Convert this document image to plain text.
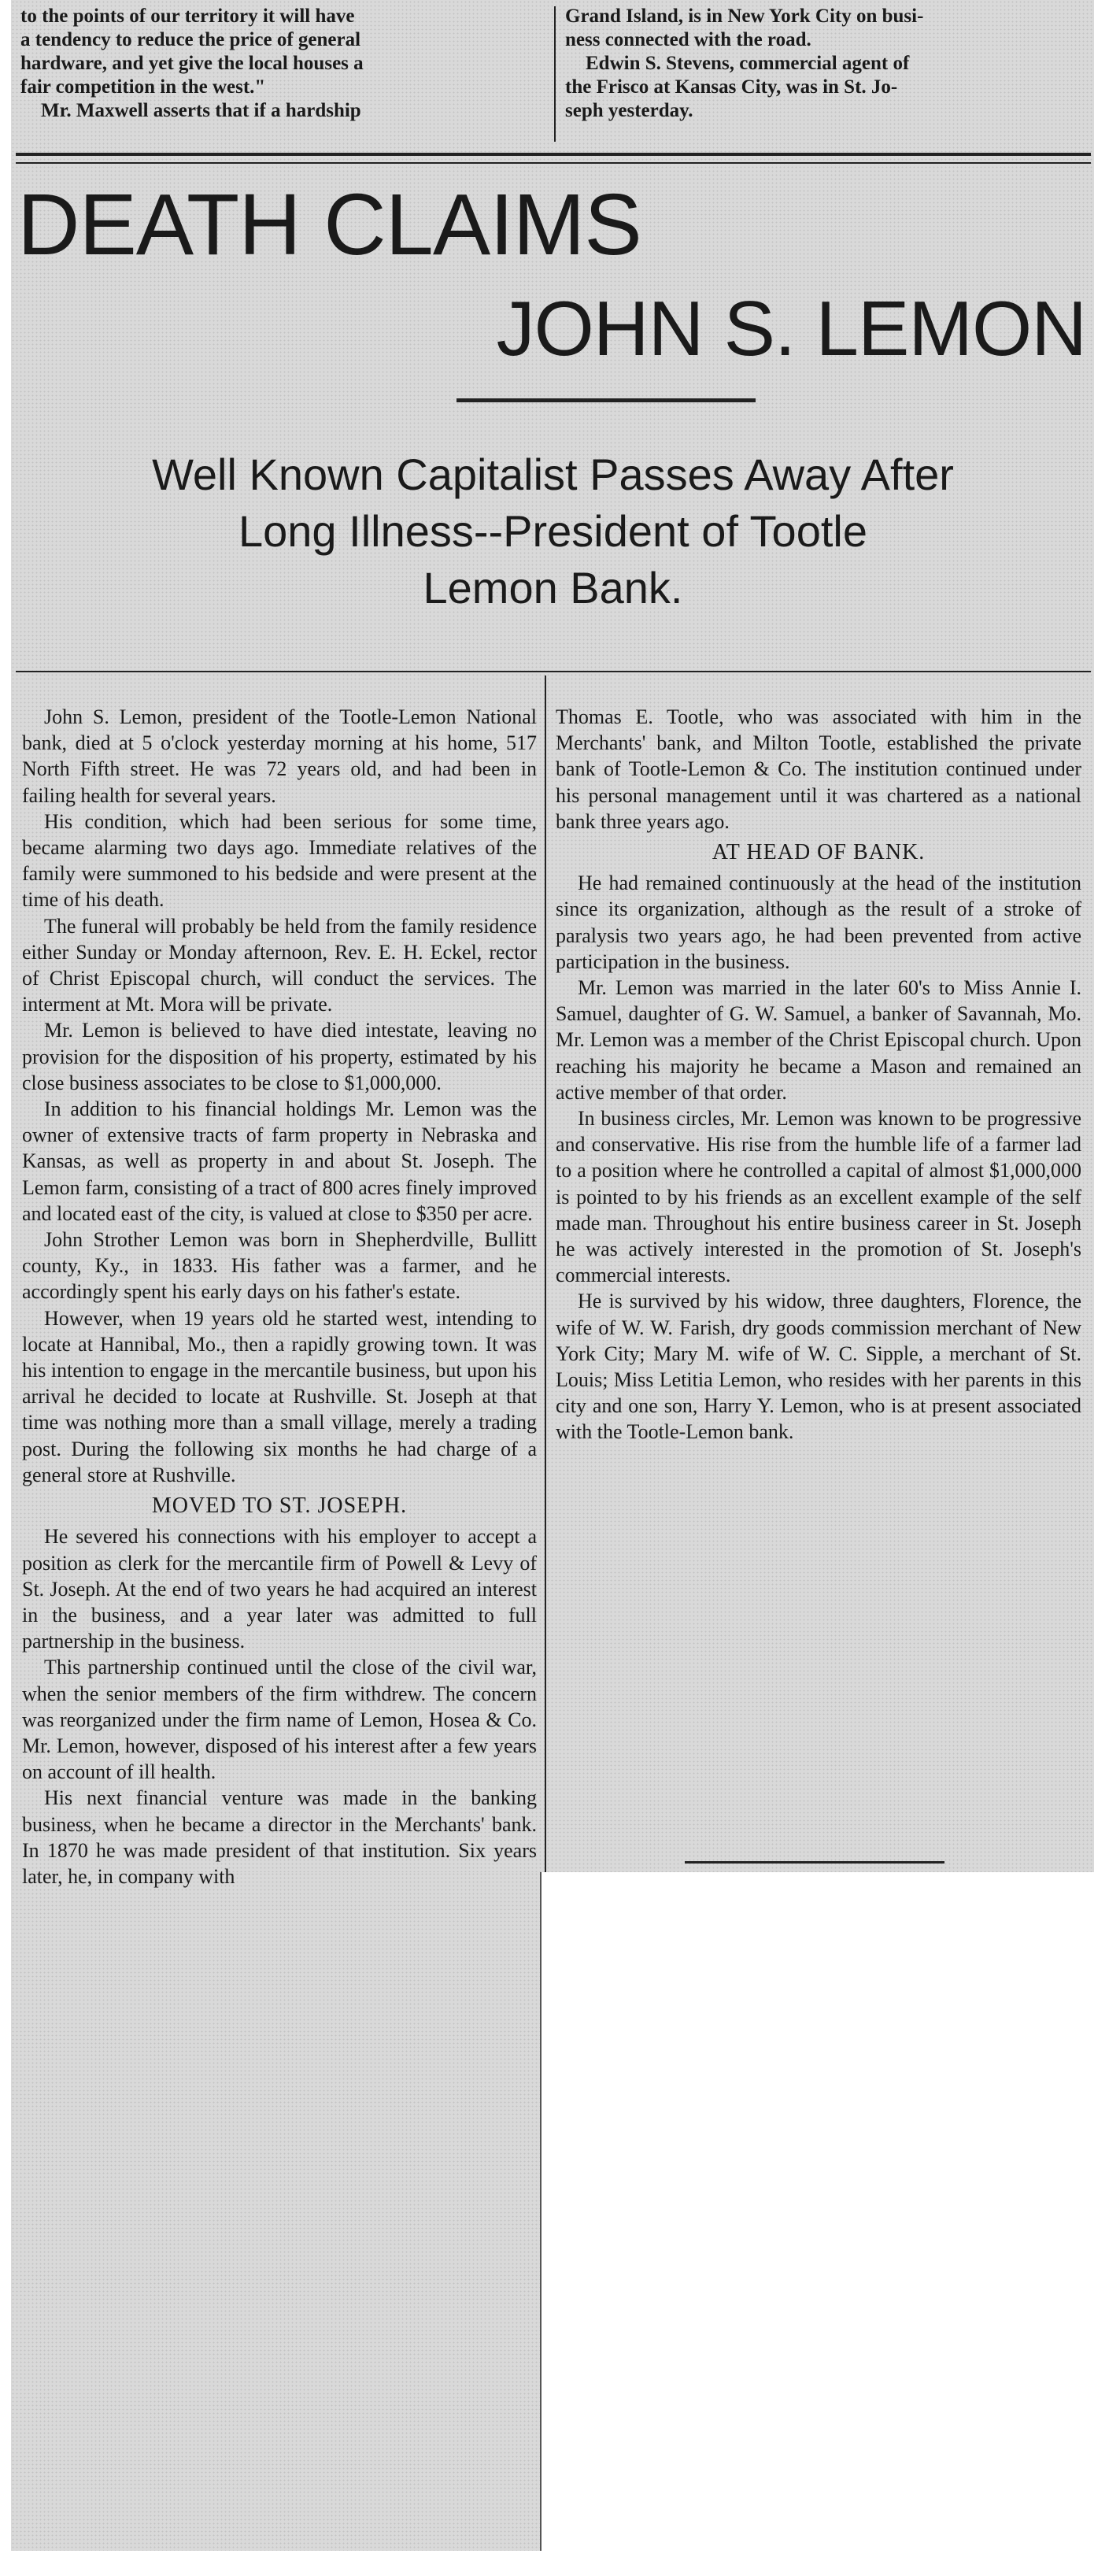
to the points of our territory it will have
a tendency to reduce the price of general
hardware, and yet give the local houses a
fair competition in the west."
Mr. Maxwell asserts that if a hardship
Grand Island, is in New York City on busi-
ness connected with the road.
Edwin S. Stevens, commercial agent of
the Frisco at Kansas City, was in St. Jo-
seph yesterday.
DEATH CLAIMS
JOHN S. LEMON
Well Known Capitalist Passes Away After
Long Illness--President of Tootle
Lemon Bank.

John S. Lemon, president of the Tootle-Lemon National bank, died at 5 o'clock yesterday morning at his home, 517 North Fifth street. He was 72 years old, and had been in failing health for several years.

His condition, which had been serious for some time, became alarming two days ago. Immediate relatives of the family were summoned to his bedside and were present at the time of his death.

The funeral will probably be held from the family residence either Sunday or Monday afternoon, Rev. E. H. Eckel, rector of Christ Episcopal church, will conduct the services. The interment at Mt. Mora will be private.

Mr. Lemon is believed to have died intestate, leaving no provision for the disposition of his property, estimated by his close business associates to be close to $1,000,000.

In addition to his financial holdings Mr. Lemon was the owner of extensive tracts of farm property in Nebraska and Kansas, as well as property in and about St. Joseph. The Lemon farm, consisting of a tract of 800 acres finely improved and located east of the city, is valued at close to $350 per acre.

John Strother Lemon was born in Shepherdville, Bullitt county, Ky., in 1833. His father was a farmer, and he accordingly spent his early days on his father's estate.

However, when 19 years old he started west, intending to locate at Hannibal, Mo., then a rapidly growing town. It was his intention to engage in the mercantile business, but upon his arrival he decided to locate at Rushville. St. Joseph at that time was nothing more than a small village, merely a trading post. During the following six months he had charge of a general store at Rushville.

MOVED TO ST. JOSEPH.

He severed his connections with his employer to accept a position as clerk for the mercantile firm of Powell & Levy of St. Joseph. At the end of two years he had acquired an interest in the business, and a year later was admitted to full partnership in the business.

This partnership continued until the close of the civil war, when the senior members of the firm withdrew. The concern was reorganized under the firm name of Lemon, Hosea & Co. Mr. Lemon, however, disposed of his interest after a few years on account of ill health.

His next financial venture was made in the banking business, when he became a director in the Merchants' bank. In 1870 he was made president of that institution. Six years later, he, in company with

Thomas E. Tootle, who was associated with him in the Merchants' bank, and Milton Tootle, established the private bank of Tootle-Lemon & Co. The institution continued under his personal management until it was chartered as a national bank three years ago.

AT HEAD OF BANK.

He had remained continuously at the head of the institution since its organization, although as the result of a stroke of paralysis two years ago, he had been prevented from active participation in the business.

Mr. Lemon was married in the later 60's to Miss Annie I. Samuel, daughter of G. W. Samuel, a banker of Savannah, Mo. Mr. Lemon was a member of the Christ Episcopal church. Upon reaching his majority he became a Mason and remained an active member of that order.

In business circles, Mr. Lemon was known to be progressive and conservative. His rise from the humble life of a farmer lad to a position where he controlled a capital of almost $1,000,000 is pointed to by his friends as an excellent example of the self made man. Throughout his entire business career in St. Joseph he was actively interested in the promotion of St. Joseph's commercial interests.

He is survived by his widow, three daughters, Florence, the wife of W. W. Farish, dry goods commission merchant of New York City; Mary M. wife of W. C. Sipple, a merchant of St. Louis; Miss Letitia Lemon, who resides with her parents in this city and one son, Harry Y. Lemon, who is at present associated with the Tootle-Lemon bank.
